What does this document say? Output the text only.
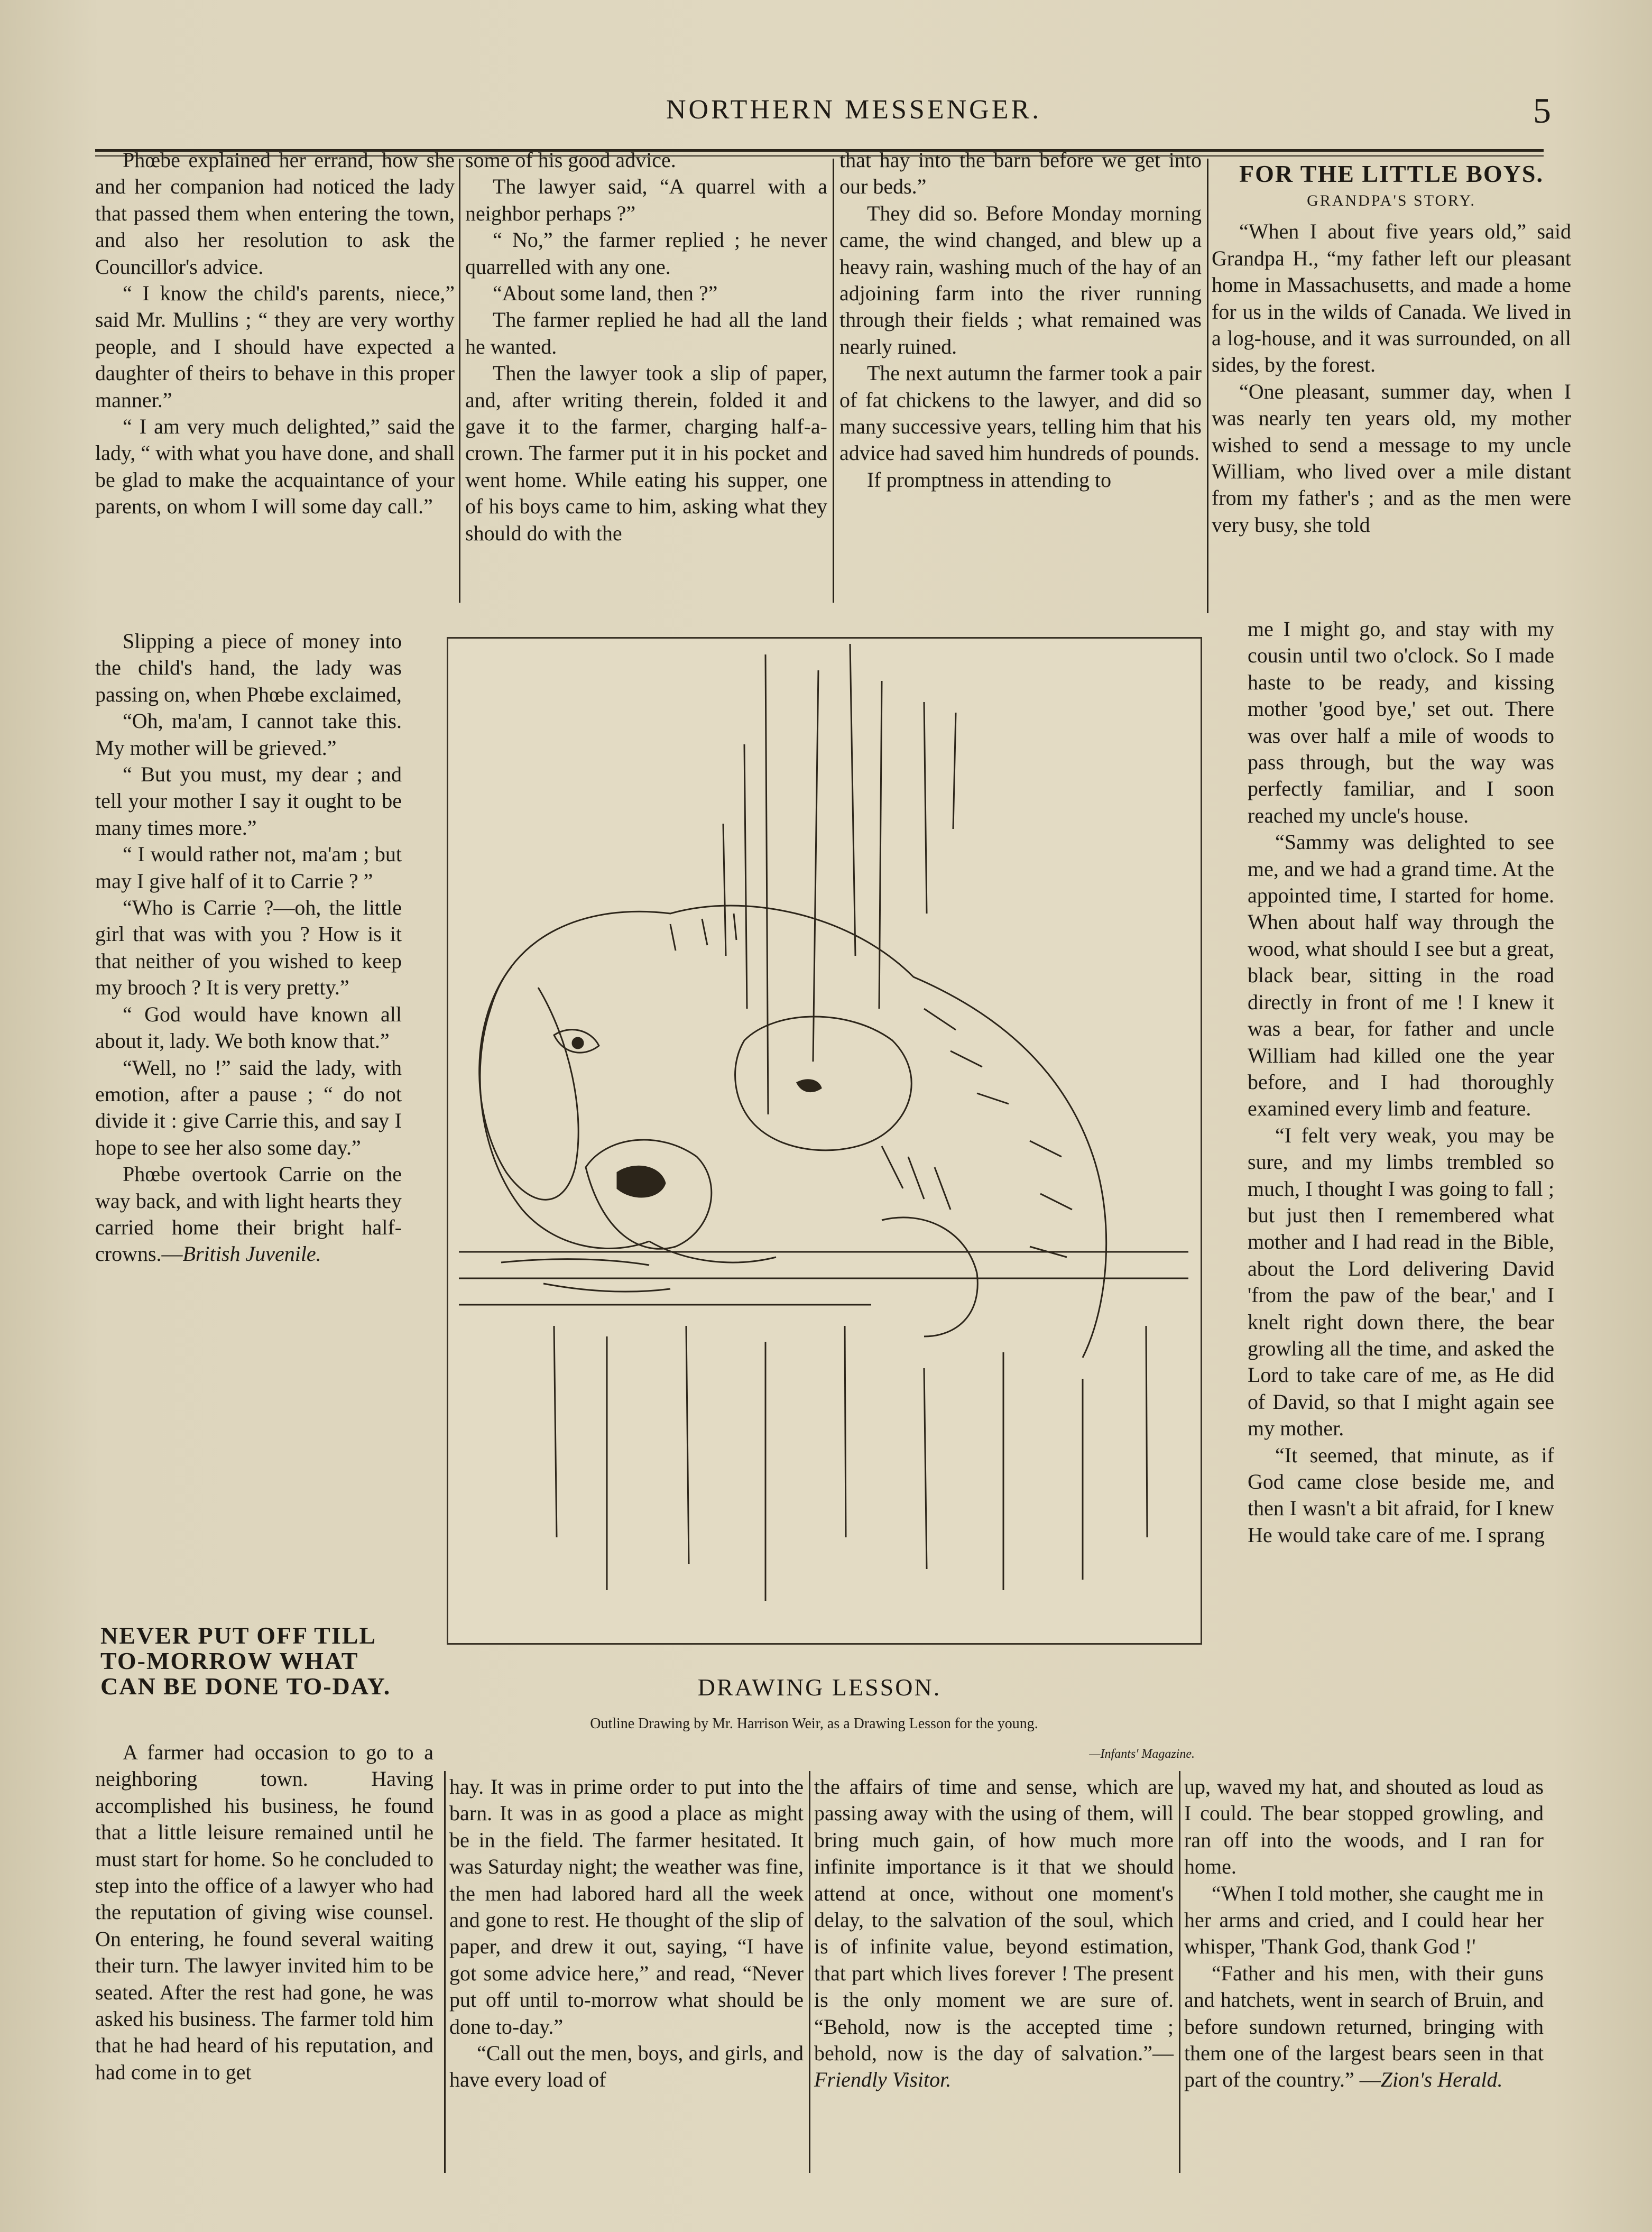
NORTHERN MESSENGER.	5

Phœbe explained her errand, how she and her companion had noticed the lady that passed them when entering the town, and also her resolution to ask the Councillor's advice.

“ I know the child's parents, niece,” said Mr. Mullins ; “ they are very worthy people, and I should have expected a daughter of theirs to behave in this proper manner.”

“ I am very much delighted,” said the lady, “ with what you have done, and shall be glad to make the acquaintance of your parents, on whom I will some day call.”

Slipping a piece of money into the child's hand, the lady was passing on, when Phœbe exclaimed,

“Oh, ma'am, I cannot take this. My mother will be grieved.”

“ But you must, my dear ; and tell your mother I say it ought to be many times more.”

“ I would rather not, ma'am ; but may I give half of it to Carrie ? ”

“Who is Carrie ?—oh, the little girl that was with you ? How is it that neither of you wished to keep my brooch ? It is very pretty.”

“ God would have known all about it, lady. We both know that.”

“Well, no !” said the lady, with emotion, after a pause ; “ do not divide it : give Carrie this, and say I hope to see her also some day.”

Phœbe overtook Carrie on the way back, and with light hearts they carried home their bright half-crowns.—British Juvenile.

NEVER PUT OFF TILL TO-MORROW WHAT CAN BE DONE TO-DAY.

A farmer had occasion to go to a neighboring town. Having accomplished his business, he found that a little leisure remained until he must start for home. So he concluded to step into the office of a lawyer who had the reputation of giving wise counsel. On entering, he found several waiting their turn. The lawyer invited him to be seated. After the rest had gone, he was asked his business. The farmer told him that he had heard of his reputation, and had come in to get

some of his good advice.

The lawyer said, “A quarrel with a neighbor perhaps ?”

“ No,” the farmer replied ; he never quarrelled with any one.

“About some land, then ?”

The farmer replied he had all the land he wanted.

Then the lawyer took a slip of paper, and, after writing therein, folded it and gave it to the farmer, charging half-a-crown. The farmer put it in his pocket and went home. While eating his supper, one of his boys came to him, asking what they should do with the

hay. It was in prime order to put into the barn. It was in as good a place as might be in the field. The farmer hesitated. It was Saturday night; the weather was fine, the men had labored hard all the week and gone to rest. He thought of the slip of paper, and drew it out, saying, “I have got some advice here,” and read, “Never put off until to-morrow what should be done to-day.”

“Call out the men, boys, and girls, and have every load of

that hay into the barn before we get into our beds.”

They did so. Before Monday morning came, the wind changed, and blew up a heavy rain, washing much of the hay of an adjoining farm into the river running through their fields ; what remained was nearly ruined.

The next autumn the farmer took a pair of fat chickens to the lawyer, and did so many successive years, telling him that his advice had saved him hundreds of pounds.

If promptness in attending to

the affairs of time and sense, which are passing away with the using of them, will bring much gain, of how much more infinite importance is it that we should attend at once, without one moment's delay, to the salvation of the soul, which is of infinite value, beyond estimation, that part which lives forever ! The present is the only moment we are sure of. “Behold, now is the accepted time ; behold, now is the day of salvation.”—Friendly Visitor.

FOR THE LITTLE BOYS.
GRANDPA'S STORY.

“When I about five years old,” said Grandpa H., “my father left our pleasant home in Massachusetts, and made a home for us in the wilds of Canada. We lived in a log-house, and it was surrounded, on all sides, by the forest.

“One pleasant, summer day, when I was nearly ten years old, my mother wished to send a message to my uncle William, who lived over a mile distant from my father's ; and as the men were very busy, she told

me I might go, and stay with my cousin until two o'clock. So I made haste to be ready, and kissing mother 'good bye,' set out. There was over half a mile of woods to pass through, but the way was perfectly familiar, and I soon reached my uncle's house.

“Sammy was delighted to see me, and we had a grand time. At the appointed time, I started for home. When about half way through the wood, what should I see but a great, black bear, sitting in the road directly in front of me ! I knew it was a bear, for father and uncle William had killed one the year before, and I had thoroughly examined every limb and feature.

“I felt very weak, you may be sure, and my limbs trembled so much, I thought I was going to fall ; but just then I remembered what mother and I had read in the Bible, about the Lord delivering David 'from the paw of the bear,' and I knelt right down there, the bear growling all the time, and asked the Lord to take care of me, as He did of David, so that I might again see my mother.

“It seemed, that minute, as if God came close beside me, and then I wasn't a bit afraid, for I knew He would take care of me. I sprang

up, waved my hat, and shouted as loud as I could. The bear stopped growling, and ran off into the woods, and I ran for home.

“When I told mother, she caught me in her arms and cried, and I could hear her whisper, 'Thank God, thank God !'

“Father and his men, with their guns and hatchets, went in search of Bruin, and before sundown returned, bringing with them one of the largest bears seen in that part of the country.” —Zion's Herald.

DRAWING LESSON.
Outline Drawing by Mr. Harrison Weir, as a Drawing Lesson for the young.
—Infants' Magazine.
